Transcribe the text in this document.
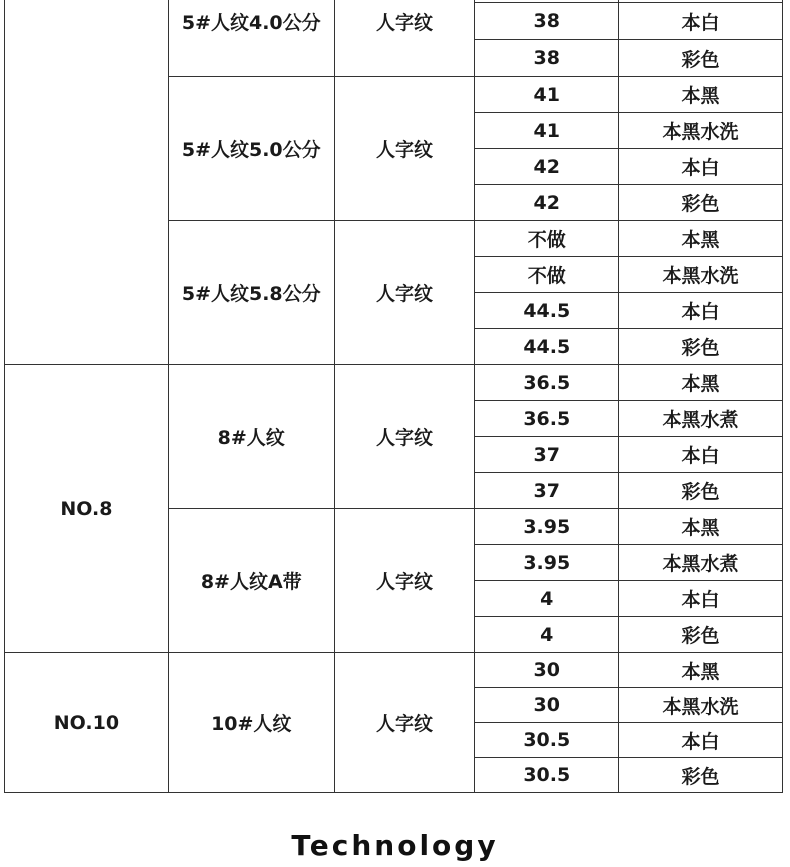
	5#人纹4.0公分	人字纹		
			38	本白
			38	彩色
	5#人纹5.0公分	人字纹	41	本黑
			41	本黑水洗
			42	本白
			42	彩色
	5#人纹5.8公分	人字纹	不做	本黑
			不做	本黑水洗
			44.5	本白
			44.5	彩色
NO.8	8#人纹	人字纹	36.5	本黑
			36.5	本黑水煮
			37	本白
			37	彩色
	8#人纹A带	人字纹	3.95	本黑
			3.95	本黑水煮
			4	本白
			4	彩色
NO.10	10#人纹	人字纹	30	本黑
			30	本黑水洗
			30.5	本白
			30.5	彩色
Technology
